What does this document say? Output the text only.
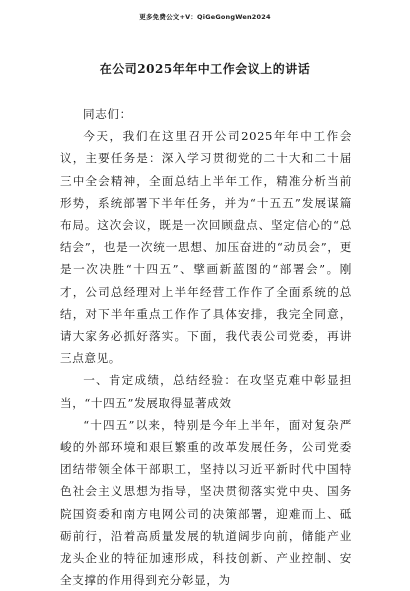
更多免费公文+V：QiGeGongWen2024
在公司2025年年中工作会议上的讲话

同志们：

今天，我们在这里召开公司2025年年中工作会议，主要任务是：深入学习贯彻党的二十大和二十届三中全会精神，全面总结上半年工作，精准分析当前形势，系统部署下半年任务，并为“十五五”发展谋篇布局。这次会议，既是一次回顾盘点、坚定信心的“总结会”，也是一次统一思想、加压奋进的“动员会”，更是一次决胜“十四五”、擘画新蓝图的“部署会”。刚才，公司总经理对上半年经营工作作了全面系统的总结，对下半年重点工作作了具体安排，我完全同意，请大家务必抓好落实。下面，我代表公司党委，再讲三点意见。

一、肯定成绩，总结经验：在攻坚克难中彰显担当，“十四五”发展取得显著成效

“十四五”以来，特别是今年上半年，面对复杂严峻的外部环境和艰巨繁重的改革发展任务，公司党委团结带领全体干部职工，坚持以习近平新时代中国特色社会主义思想为指导，坚决贯彻落实党中央、国务院国资委和南方电网公司的决策部署，迎难而上、砥砺前行，沿着高质量发展的轨道阔步向前，储能产业龙头企业的特征加速形成，科技创新、产业控制、安全支撑的作用得到充分彰显，为
